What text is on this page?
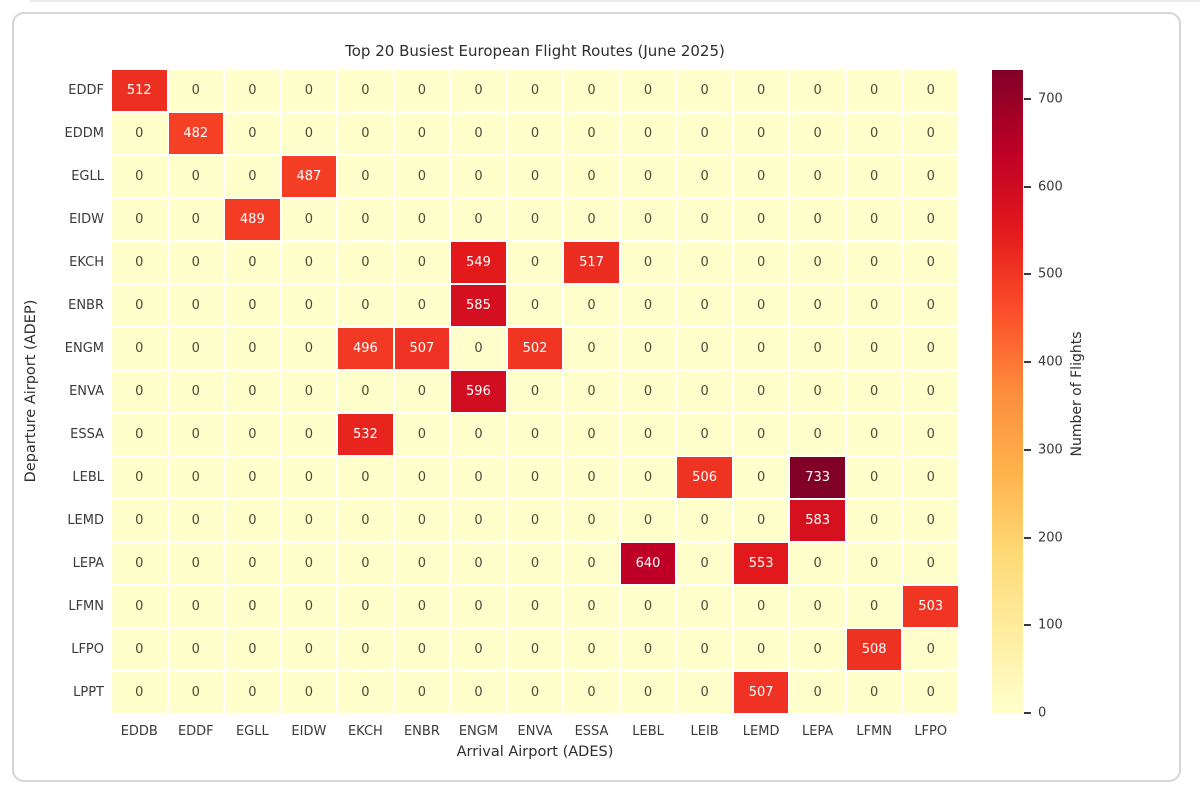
Top 20 Busiest European Flight Routes (June 2025)
512	0	0	0	0	0	0	0	0	0	0	0	0	0	0
0	482	0	0	0	0	0	0	0	0	0	0	0	0	0
0	0	0	487	0	0	0	0	0	0	0	0	0	0	0
0	0	489	0	0	0	0	0	0	0	0	0	0	0	0
0	0	0	0	0	0	549	0	517	0	0	0	0	0	0
0	0	0	0	0	0	585	0	0	0	0	0	0	0	0
0	0	0	0	496	507	0	502	0	0	0	0	0	0	0
0	0	0	0	0	0	596	0	0	0	0	0	0	0	0
0	0	0	0	532	0	0	0	0	0	0	0	0	0	0
0	0	0	0	0	0	0	0	0	0	506	0	733	0	0
0	0	0	0	0	0	0	0	0	0	0	0	583	0	0
0	0	0	0	0	0	0	0	0	640	0	553	0	0	0
0	0	0	0	0	0	0	0	0	0	0	0	0	0	503
0	0	0	0	0	0	0	0	0	0	0	0	0	508	0
0	0	0	0	0	0	0	0	0	0	0	507	0	0	0
EDDF
EDDM
EGLL
EIDW
EKCH
ENBR
ENGM
ENVA
ESSA
LEBL
LEMD
LEPA
LFMN
LFPO
LPPT
EDDB	EDDF	EGLL	EIDW	EKCH	ENBR	ENGM	ENVA	ESSA	LEBL	LEIB	LEMD	LEPA	LFMN	LFPO
Arrival Airport (ADES)
Departure Airport (ADEP)
0
100
200
300
400
500
600
700
Number of Flights
